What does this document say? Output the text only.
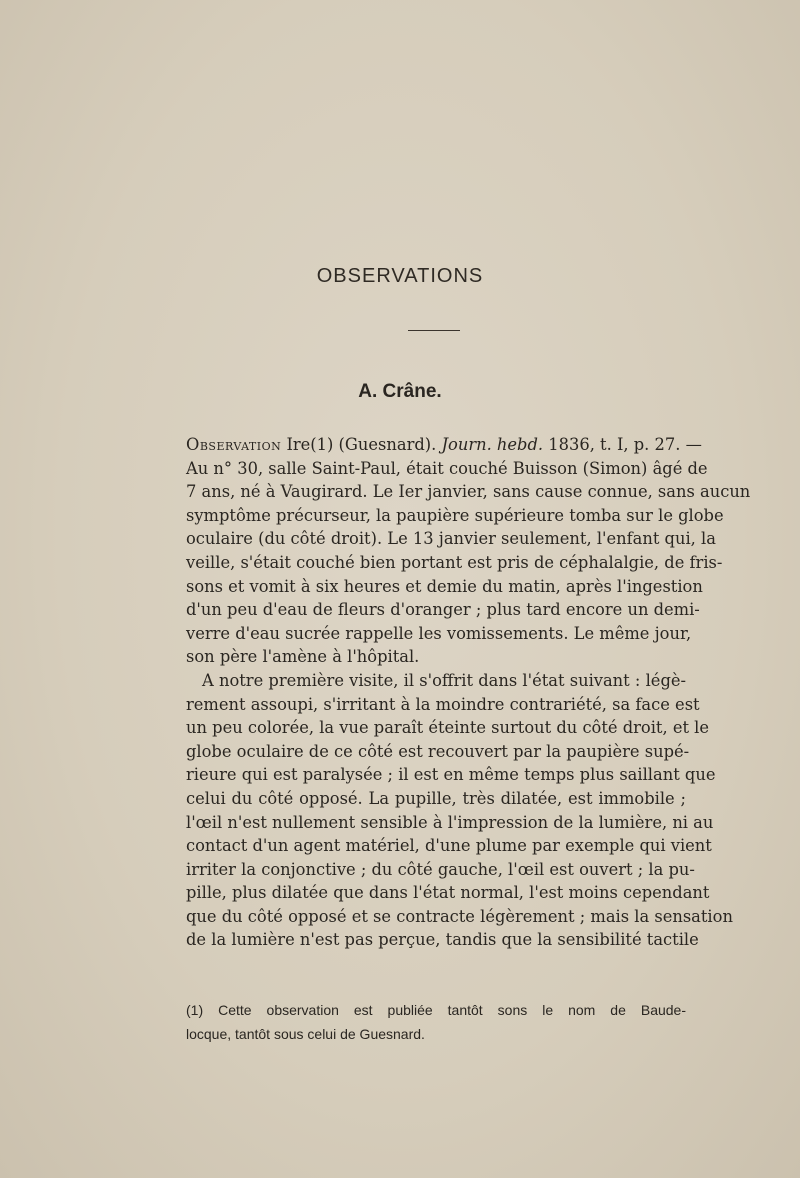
OBSERVATIONS
A. Crâne.
Observation Ire(1) (Guesnard). Journ. hebd. 1836, t. I, p. 27. —
Au n° 30, salle Saint-Paul, était couché Buisson (Simon) âgé de
7 ans, né à Vaugirard. Le Ier janvier, sans cause connue, sans aucun
symptôme précurseur, la paupière supérieure tomba sur le globe
oculaire (du côté droit). Le 13 janvier seulement, l'enfant qui, la
veille, s'était couché bien portant est pris de céphalalgie, de fris-
sons et vomit à six heures et demie du matin, après l'ingestion
d'un peu d'eau de fleurs d'oranger ; plus tard encore un demi-
verre d'eau sucrée rappelle les vomissements. Le même jour,
son père l'amène à l'hôpital.
A notre première visite, il s'offrit dans l'état suivant : légè-
rement assoupi, s'irritant à la moindre contrariété, sa face est
un peu colorée, la vue paraît éteinte surtout du côté droit, et le
globe oculaire de ce côté est recouvert par la paupière supé-
rieure qui est paralysée ; il est en même temps plus saillant que
celui du côté opposé. La pupille, très dilatée, est immobile ;
l'œil n'est nullement sensible à l'impression de la lumière, ni au
contact d'un agent matériel, d'une plume par exemple qui vient
irriter la conjonctive ; du côté gauche, l'œil est ouvert ; la pu-
pille, plus dilatée que dans l'état normal, l'est moins cependant
que du côté opposé et se contracte légèrement ; mais la sensation
de la lumière n'est pas perçue, tandis que la sensibilité tactile
(1) Cette observation est publiée tantôt sons le nom de Baude-
locque, tantôt sous celui de Guesnard.
